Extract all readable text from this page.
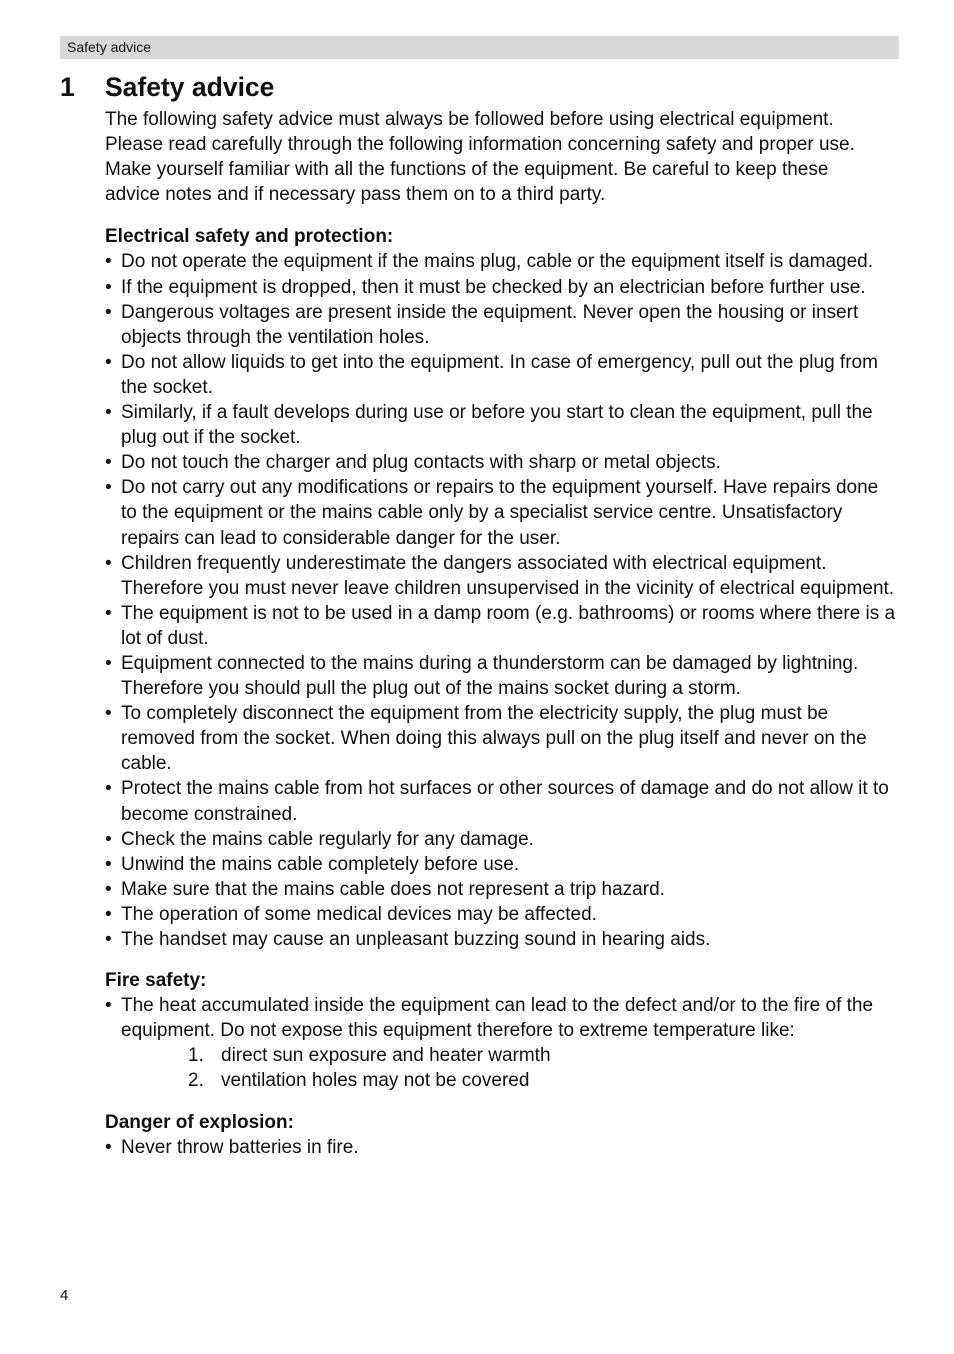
Safety advice
1 Safety advice

The following safety advice must always be followed before using electrical equipment.
Please read carefully through the following information concerning safety and proper use.
Make yourself familiar with all the functions of the equipment. Be careful to keep these
advice notes and if necessary pass them on to a third party.

Electrical safety and protection:

• Do not operate the equipment if the mains plug, cable or the equipment itself is damaged.
• If the equipment is dropped, then it must be checked by an electrician before further use.
• Dangerous voltages are present inside the equipment. Never open the housing or insert objects through the ventilation holes.
• Do not allow liquids to get into the equipment. In case of emergency, pull out the plug from the socket.
• Similarly, if a fault develops during use or before you start to clean the equipment, pull the plug out if the socket.
• Do not touch the charger and plug contacts with sharp or metal objects.
• Do not carry out any modifications or repairs to the equipment yourself. Have repairs done to the equipment or the mains cable only by a specialist service centre. Unsatisfactory repairs can lead to considerable danger for the user.
• Children frequently underestimate the dangers associated with electrical equipment. Therefore you must never leave children unsupervised in the vicinity of electrical equipment.
• The equipment is not to be used in a damp room (e.g. bathrooms) or rooms where there is a lot of dust.
• Equipment connected to the mains during a thunderstorm can be damaged by lightning. Therefore you should pull the plug out of the mains socket during a storm.
• To completely disconnect the equipment from the electricity supply, the plug must be removed from the socket. When doing this always pull on the plug itself and never on the cable.
• Protect the mains cable from hot surfaces or other sources of damage and do not allow it to become constrained.
• Check the mains cable regularly for any damage.
• Unwind the mains cable completely before use.
• Make sure that the mains cable does not represent a trip hazard.
• The operation of some medical devices may be affected.
• The handset may cause an unpleasant buzzing sound in hearing aids.

Fire safety:

• The heat accumulated inside the equipment can lead to the defect and/or to the fire of the equipment. Do not expose this equipment therefore to extreme temperature like:
1. direct sun exposure and heater warmth
2. ventilation holes may not be covered

Danger of explosion:

• Never throw batteries in fire.
4
